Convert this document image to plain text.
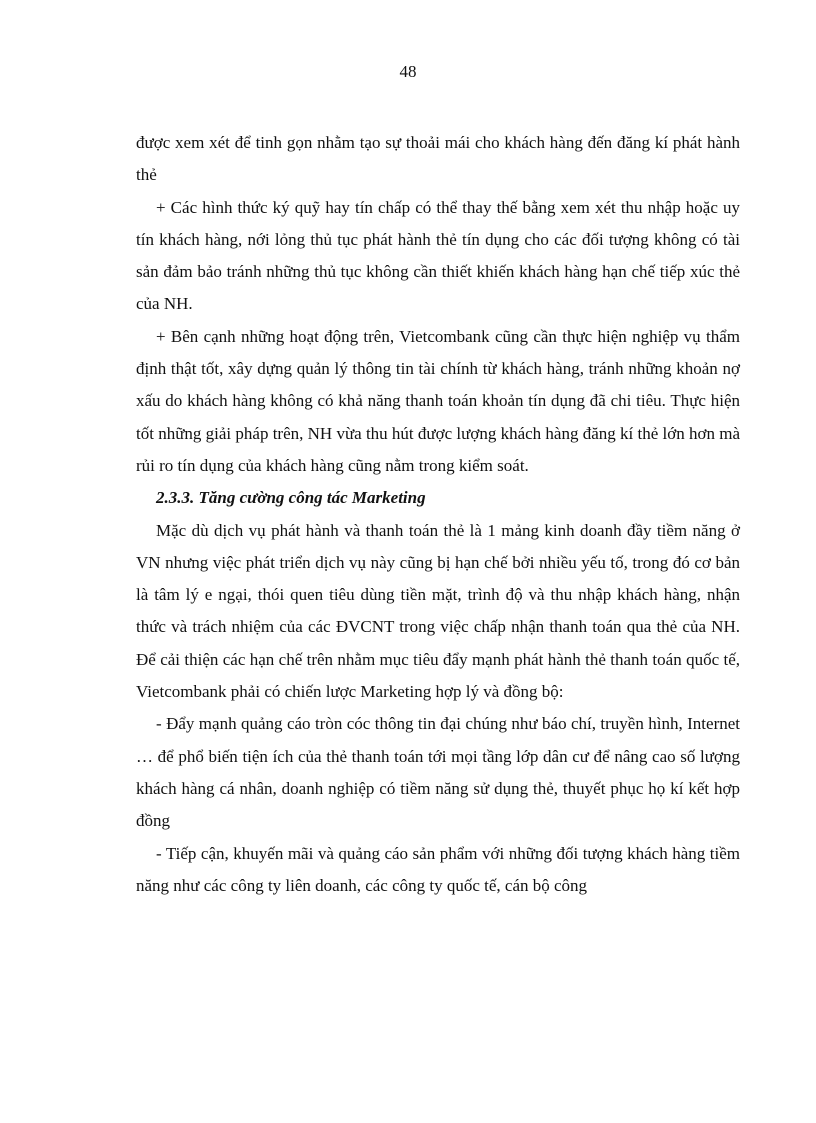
48

được xem xét để tinh gọn nhằm tạo sự thoải mái cho khách hàng đến đăng kí phát hành thẻ

+ Các hình thức ký quỹ hay tín chấp có thể thay thế bằng xem xét thu nhập hoặc uy tín khách hàng, nới lỏng thủ tục phát hành thẻ tín dụng cho các đối tượng không có tài sản đảm bảo tránh những thủ tục không cần thiết khiến khách hàng hạn chế tiếp xúc thẻ của NH.

+ Bên cạnh những hoạt động trên, Vietcombank cũng cần thực hiện nghiệp vụ thẩm định thật tốt, xây dựng quản lý thông tin tài chính từ khách hàng, tránh những khoản nợ xấu do khách hàng không có khả năng thanh toán khoản tín dụng đã chi tiêu. Thực hiện tốt những giải pháp trên, NH vừa thu hút được lượng khách hàng đăng kí thẻ lớn hơn mà rủi ro tín dụng của khách hàng cũng nằm trong kiểm soát.

2.3.3. Tăng cường công tác Marketing

Mặc dù dịch vụ phát hành và thanh toán thẻ là 1 mảng kinh doanh đầy tiềm năng ở VN nhưng việc phát triển dịch vụ này cũng bị hạn chế bởi nhiều yếu tố, trong đó cơ bản là tâm lý e ngại, thói quen tiêu dùng tiền mặt, trình độ và thu nhập khách hàng, nhận thức và trách nhiệm của các ĐVCNT trong việc chấp nhận thanh toán qua thẻ của NH. Để cải thiện các hạn chế trên nhằm mục tiêu đẩy mạnh phát hành thẻ thanh toán quốc tế, Vietcombank phải có chiến lược Marketing hợp lý và đồng bộ:

- Đẩy mạnh quảng cáo tròn cóc thông tin đại chúng như báo chí, truyền hình, Internet … để phổ biến tiện ích của thẻ thanh toán tới mọi tầng lớp dân cư để nâng cao số lượng khách hàng cá nhân, doanh nghiệp có tiềm năng sử dụng thẻ, thuyết phục họ kí kết hợp đồng

- Tiếp cận, khuyến mãi và quảng cáo sản phẩm với những đối tượng khách hàng tiềm năng như các công ty liên doanh, các công ty quốc tế, cán bộ công
